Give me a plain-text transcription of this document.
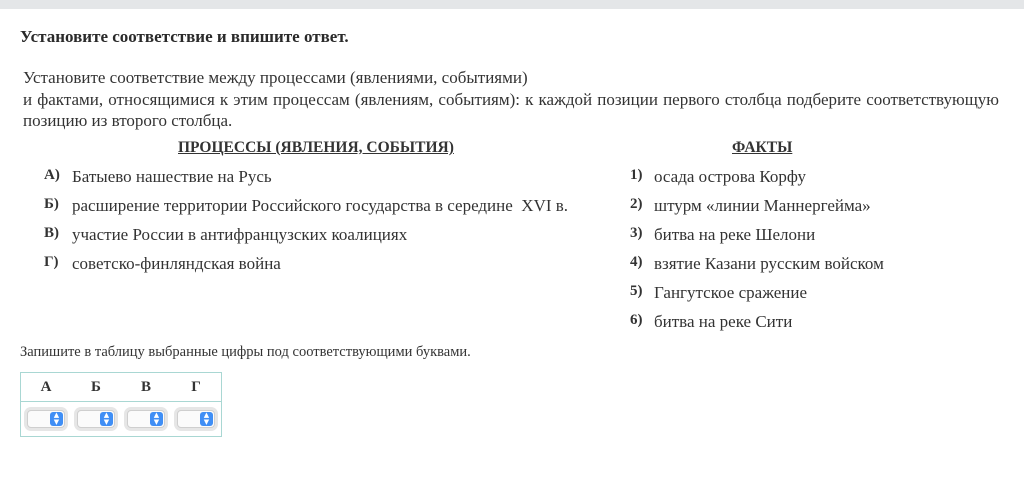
Установите соответствие и впишите ответ.
Установите соответствие между процессами (явлениями, событиями)
и фактами, относящимися к этим процессам (явлениям, событиям): к каждой позиции первого столбца подберите соответствующую позицию из второго столбца.
ПРОЦЕССЫ (ЯВЛЕНИЯ, СОБЫТИЯ)	ФАКТЫ
А) Батыево нашествие на Русь
Б) расширение территории Российского государства в середине  XVI в.
В) участие России в антифранцузских коалициях
Г) советско-финляндская война
1) осада острова Корфу
2) штурм «линии Маннергейма»
3) битва на реке Шелони
4) взятие Казани русским войском
5) Гангутское сражение
6) битва на реке Сити
Запишите в таблицу выбранные цифры под соответствующими буквами.
А	Б	В	Г

▲
▼	▲
▼	▲
▼	▲
▼
